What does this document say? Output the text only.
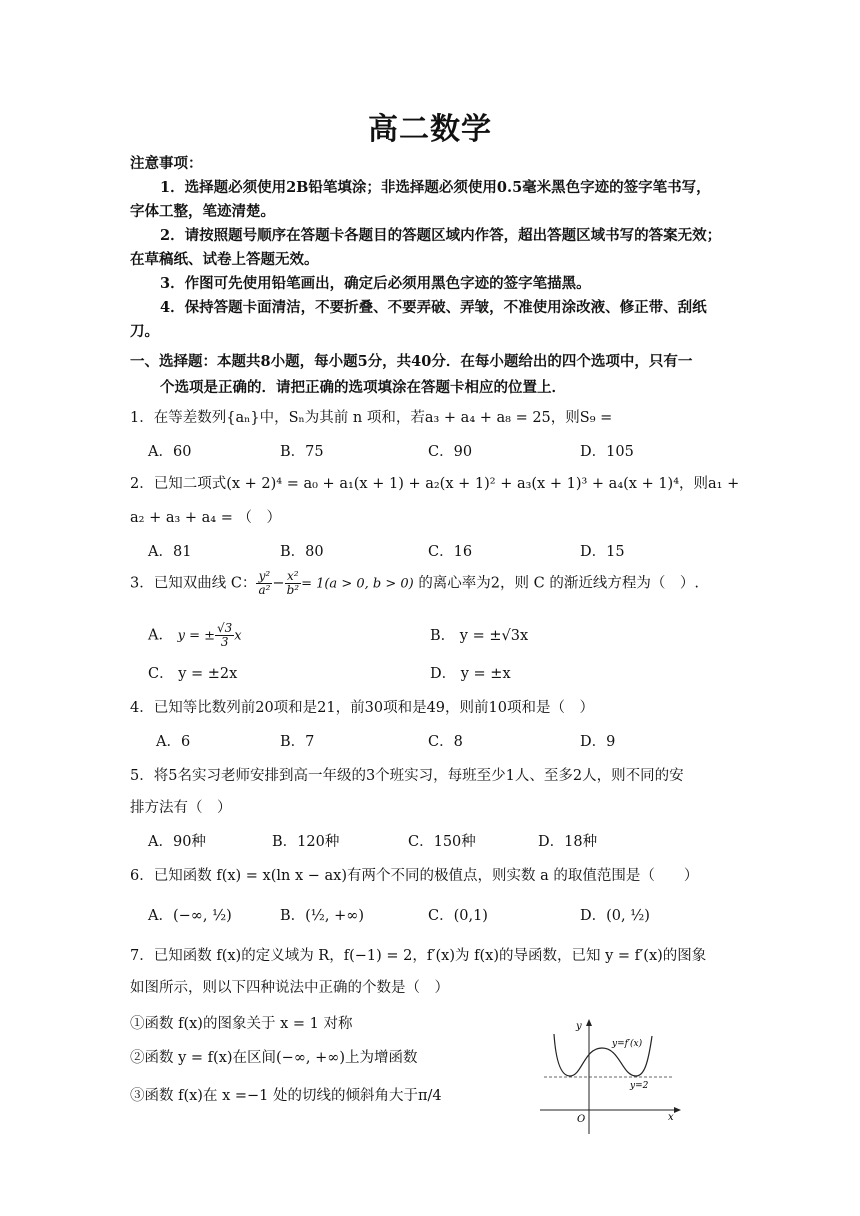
高二数学
注意事项：
1．选择题必须使用2B铅笔填涂；非选择题必须使用0.5毫米黑色字迹的签字笔书写，
字体工整，笔迹清楚。
2．请按照题号顺序在答题卡各题目的答题区域内作答，超出答题区域书写的答案无效；
在草稿纸、试卷上答题无效。
3．作图可先使用铅笔画出，确定后必须用黑色字迹的签字笔描黑。
4．保持答题卡面清洁，不要折叠、不要弄破、弄皱，不准使用涂改液、修正带、刮纸
刀。
一、选择题：本题共8小题，每小题5分，共40分．在每小题给出的四个选项中，只有一
个选项是正确的．请把正确的选项填涂在答题卡相应的位置上．
1．在等差数列{aₙ}中，Sₙ为其前 n 项和，若a₃ + a₄ + a₈ = 25，则S₉ =
A．60	B．75	C．90	D．105
2．已知二项式(x + 2)⁴ = a₀ + a₁(x + 1) + a₂(x + 1)² + a₃(x + 1)³ + a₄(x + 1)⁴，则a₁ +
a₂ + a₃ + a₄ = （　）
A．81	B．80	C．16	D．15
3．已知双曲线 C： $\frac{\text{y²}}{\text{a²}} - \frac{\text{x²}}{\text{b²}} = 1(a > 0$, b > 0) 的离心率为2，则 C 的渐近线方程为（　）.
A． y = ± $\frac{√3}{3}$ x	B． y = ±√3x
C． y = ±2x	D． y = ±x
4．已知等比数列前20项和是21，前30项和是49，则前10项和是（　）
A．6	B．7	C．8	D．9
5．将5名实习老师安排到高一年级的3个班实习，每班至少1人、至多2人，则不同的安
排方法有（　）
A．90种	B．120种	C．150种	D．18种
6．已知函数 f(x) = x(ln x − ax)有两个不同的极值点，则实数 a 的取值范围是（　　）
A．(−∞, ½)	B．(½, +∞)	C．(0,1)	D．(0, ½)
7．已知函数 f(x)的定义域为 R，f(−1) = 2，f′(x)为 f(x)的导函数，已知 y = f′(x)的图象
如图所示，则以下四种说法中正确的个数是（　）
①函数 f(x)的图象关于 x = 1 对称
②函数 y = f(x)在区间(−∞, +∞)上为增函数
③函数 f(x)在 x =−1 处的切线的倾斜角大于π/4
y
x
O
y=f′(x)
y=2
